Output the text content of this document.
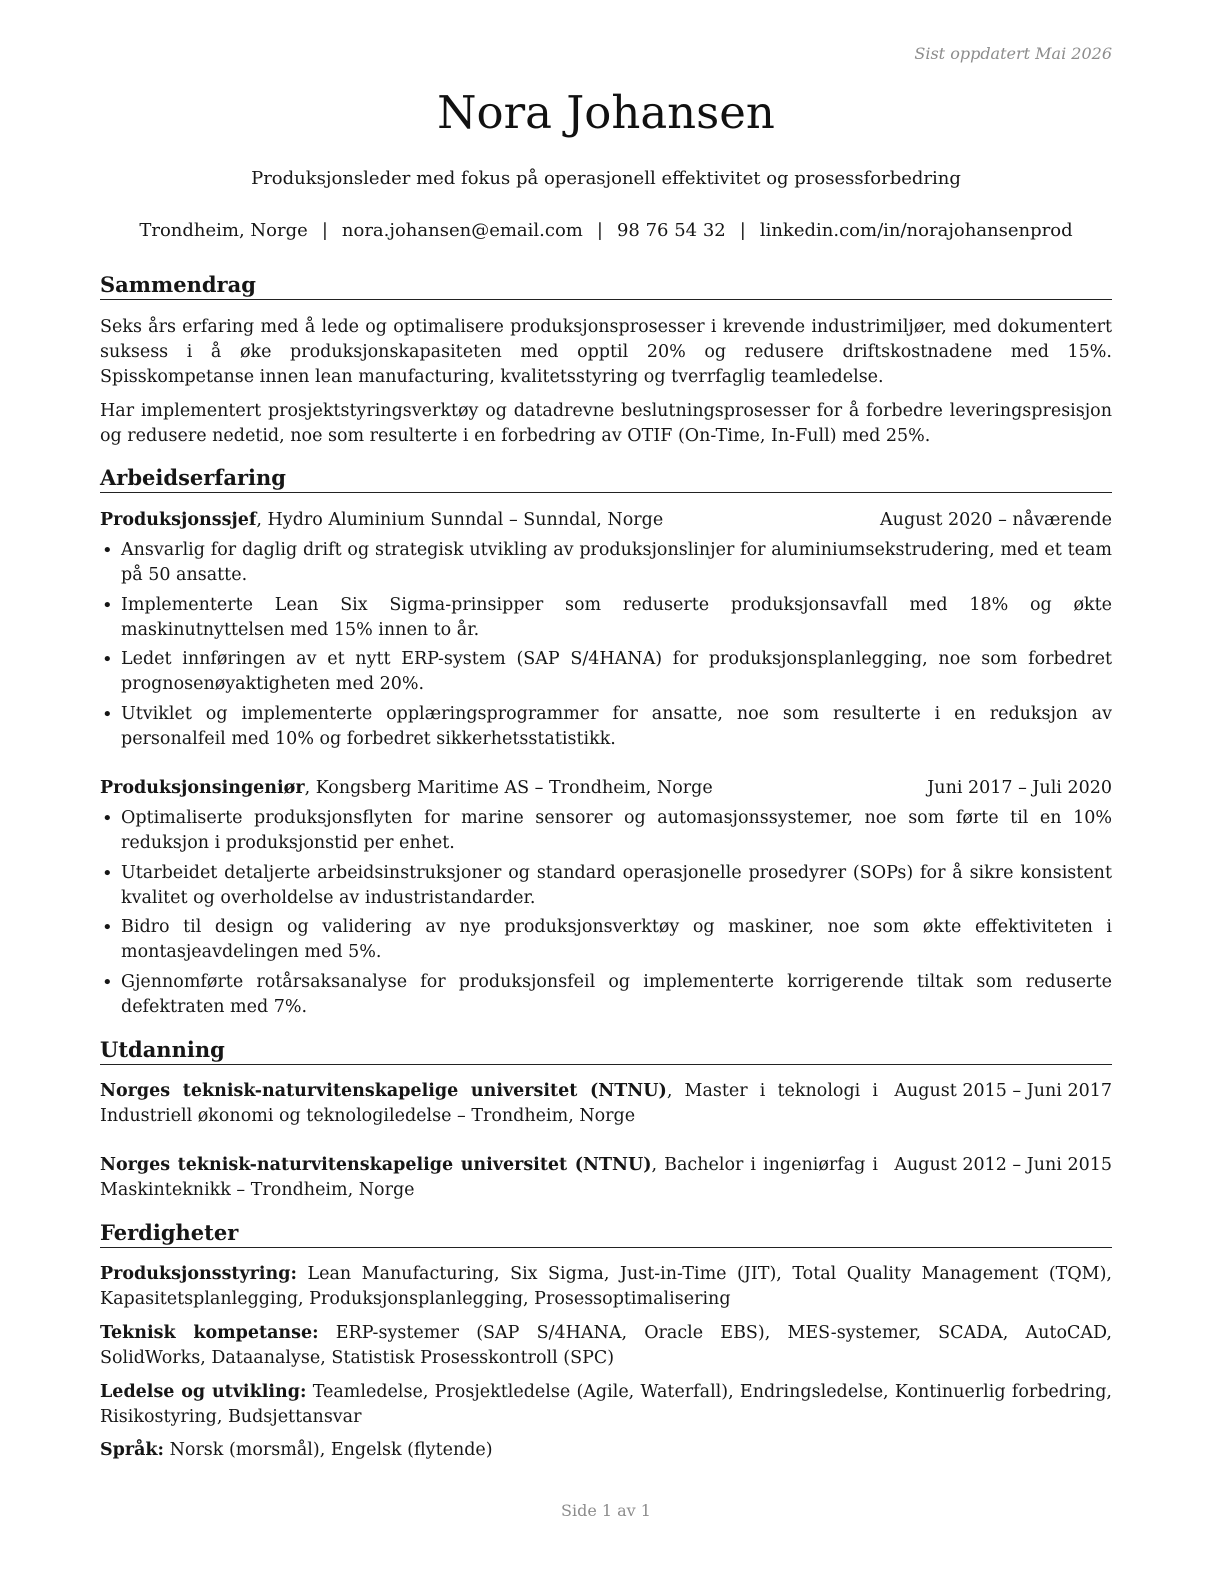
Sist oppdatert Mai 2026
Nora Johansen
Produksjonsleder med fokus på operasjonell effektivitet og prosessforbedring
Trondheim, Norge | nora.johansen@email.com | 98 76 54 32 | linkedin.com/in/norajohansenprod
Sammendrag

Seks års erfaring med å lede og optimalisere produksjonsprosesser i krevende industrimiljøer, med dokumentert suksess i å øke produksjonskapasiteten med opptil 20% og redusere driftskostnadene med 15%. Spisskompetanse innen lean manufacturing, kvalitetsstyring og tverrfaglig teamledelse.

Har implementert prosjektstyringsverktøy og datadrevne beslutningsprosesser for å forbedre leveringspresisjon og redusere nedetid, noe som resulterte i en forbedring av OTIF (On-Time, In-Full) med 25%.

Arbeidserfaring
Produksjonssjef, Hydro Aluminium Sunndal – Sunndal, Norge	August 2020 – nåværende
• Ansvarlig for daglig drift og strategisk utvikling av produksjonslinjer for aluminiumsekstrudering, med et team på 50 ansatte.
• Implementerte Lean Six Sigma-prinsipper som reduserte produksjonsavfall med 18% og økte maskinutnyttelsen med 15% innen to år.
• Ledet innføringen av et nytt ERP-system (SAP S/4HANA) for produksjonsplanlegging, noe som forbedret prognosenøyaktigheten med 20%.
• Utviklet og implementerte opplæringsprogrammer for ansatte, noe som resulterte i en reduksjon av personalfeil med 10% og forbedret sikkerhetsstatistikk.
Produksjonsingeniør, Kongsberg Maritime AS – Trondheim, Norge	Juni 2017 – Juli 2020
• Optimaliserte produksjonsflyten for marine sensorer og automasjonssystemer, noe som førte til en 10% reduksjon i produksjonstid per enhet.
• Utarbeidet detaljerte arbeidsinstruksjoner og standard operasjonelle prosedyrer (SOPs) for å sikre konsistent kvalitet og overholdelse av industristandarder.
• Bidro til design og validering av nye produksjonsverktøy og maskiner, noe som økte effektiviteten i montasjeavdelingen med 5%.
• Gjennomførte rotårsaksanalyse for produksjonsfeil og implementerte korrigerende tiltak som reduserte defektraten med 7%.
Utdanning
Norges teknisk-naturvitenskapelige universitet (NTNU), Master i teknologi i Industriell økonomi og teknologiledelse – Trondheim, Norge
August 2015 – Juni 2017
Norges teknisk-naturvitenskapelige universitet (NTNU), Bachelor i ingeniørfag i Maskinteknikk – Trondheim, Norge
August 2012 – Juni 2015
Ferdigheter

Produksjonsstyring: Lean Manufacturing, Six Sigma, Just-in-Time (JIT), Total Quality Management (TQM), Kapasitetsplanlegging, Produksjonsplanlegging, Prosessoptimalisering

Teknisk kompetanse: ERP-systemer (SAP S/4HANA, Oracle EBS), MES-systemer, SCADA, AutoCAD, SolidWorks, Dataanalyse, Statistisk Prosesskontroll (SPC)

Ledelse og utvikling: Teamledelse, Prosjektledelse (Agile, Waterfall), Endringsledelse, Kontinuerlig forbedring, Risikostyring, Budsjettansvar

Språk: Norsk (morsmål), Engelsk (flytende)

Side 1 av 1
